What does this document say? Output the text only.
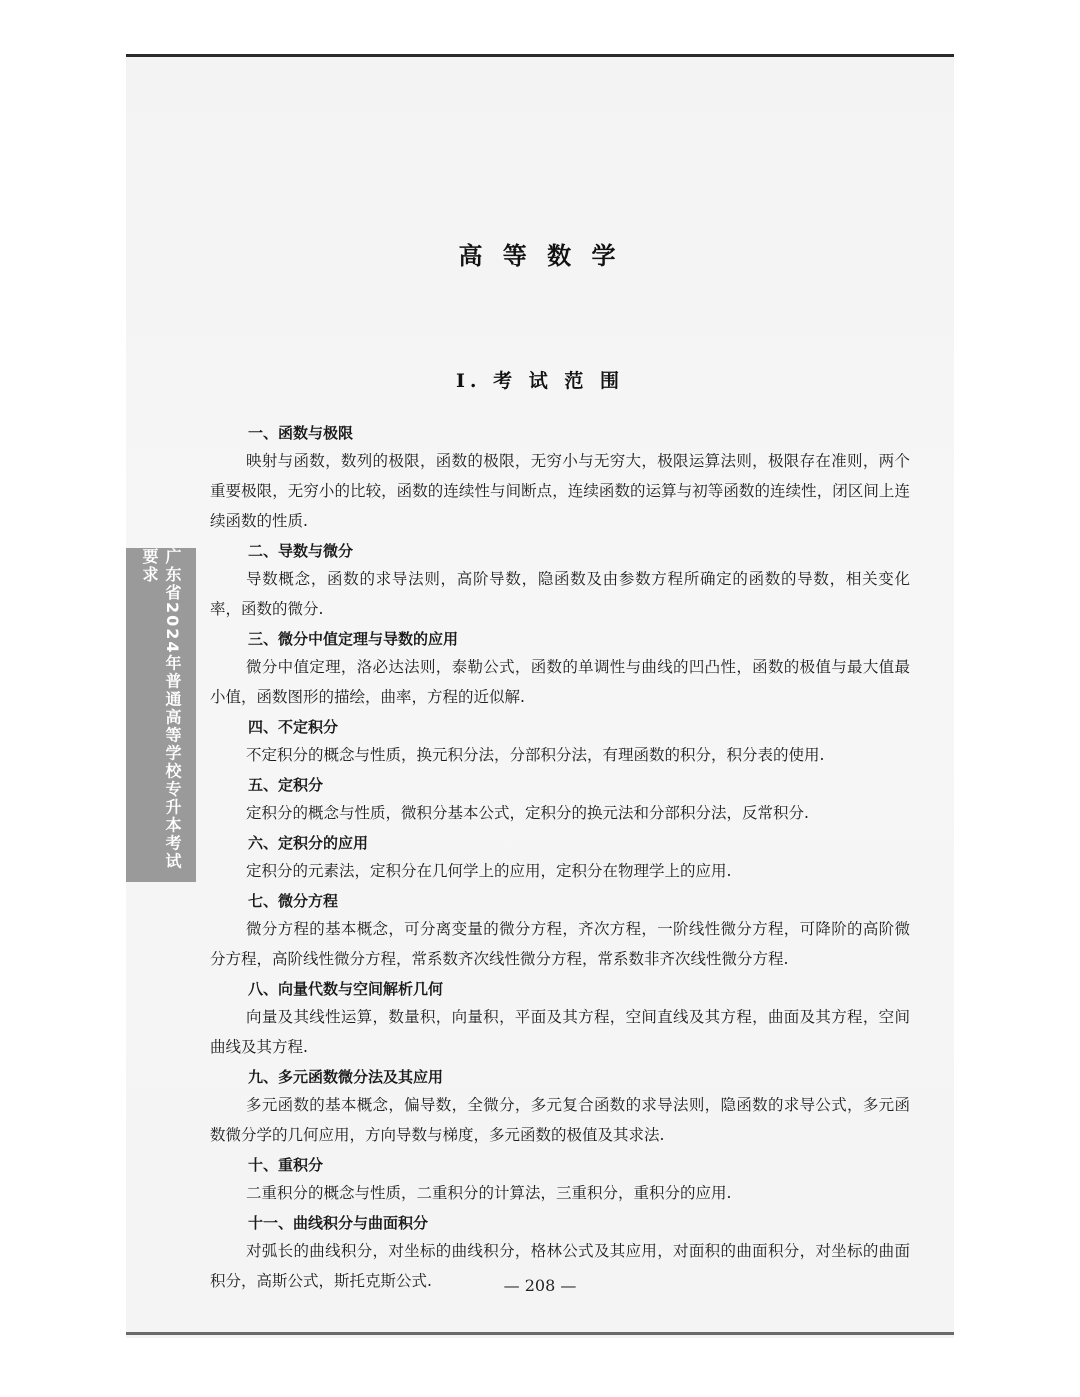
高 等 数 学
Ⅰ. 考 试 范 围
广东省2024年普通高等学校专升本考试要求
一、函数与极限
映射与函数，数列的极限，函数的极限，无穷小与无穷大，极限运算法则，极限存在准则，两个重要极限，无穷小的比较，函数的连续性与间断点，连续函数的运算与初等函数的连续性，闭区间上连续函数的性质.
二、导数与微分
导数概念，函数的求导法则，高阶导数，隐函数及由参数方程所确定的函数的导数，相关变化率，函数的微分.
三、微分中值定理与导数的应用
微分中值定理，洛必达法则，泰勒公式，函数的单调性与曲线的凹凸性，函数的极值与最大值最小值，函数图形的描绘，曲率，方程的近似解.
四、不定积分
不定积分的概念与性质，换元积分法，分部积分法，有理函数的积分，积分表的使用.
五、定积分
定积分的概念与性质，微积分基本公式，定积分的换元法和分部积分法，反常积分.
六、定积分的应用
定积分的元素法，定积分在几何学上的应用，定积分在物理学上的应用.
七、微分方程
微分方程的基本概念，可分离变量的微分方程，齐次方程，一阶线性微分方程，可降阶的高阶微分方程，高阶线性微分方程，常系数齐次线性微分方程，常系数非齐次线性微分方程.
八、向量代数与空间解析几何
向量及其线性运算，数量积，向量积，平面及其方程，空间直线及其方程，曲面及其方程，空间曲线及其方程.
九、多元函数微分法及其应用
多元函数的基本概念，偏导数，全微分，多元复合函数的求导法则，隐函数的求导公式，多元函数微分学的几何应用，方向导数与梯度，多元函数的极值及其求法.
十、重积分
二重积分的概念与性质，二重积分的计算法，三重积分，重积分的应用.
十一、曲线积分与曲面积分
对弧长的曲线积分，对坐标的曲线积分，格林公式及其应用，对面积的曲面积分，对坐标的曲面积分，高斯公式，斯托克斯公式.	— 208 —
